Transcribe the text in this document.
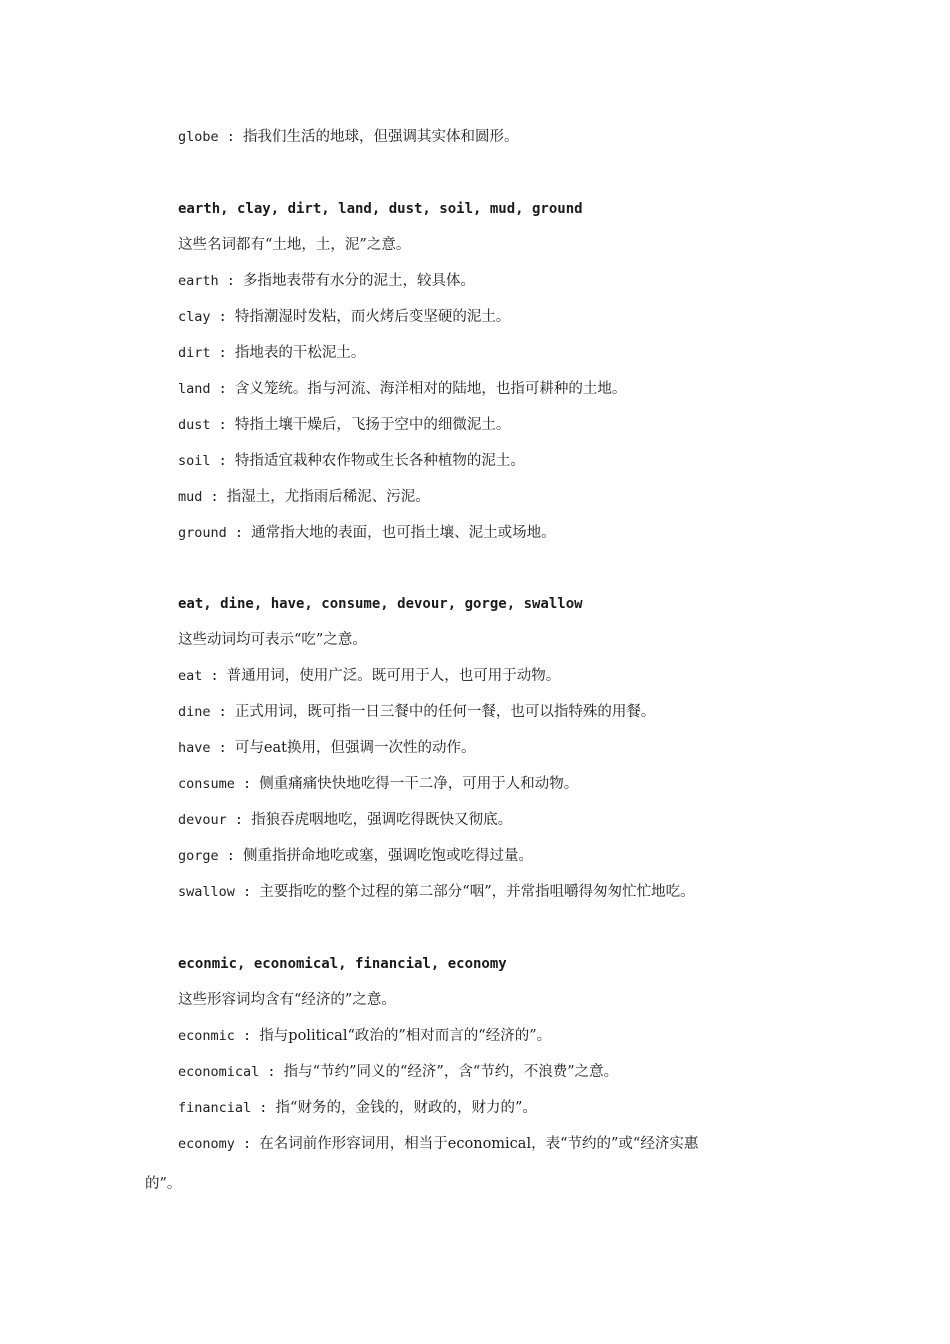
globe : 指我们生活的地球，但强调其实体和圆形。
earth, clay, dirt, land, dust, soil, mud, ground
这些名词都有“土地，土，泥”之意。
earth : 多指地表带有水分的泥土，较具体。
clay : 特指潮湿时发粘，而火烤后变坚硬的泥土。
dirt : 指地表的干松泥土。
land : 含义笼统。指与河流、海洋相对的陆地，也指可耕种的土地。
dust : 特指土壤干燥后，飞扬于空中的细微泥土。
soil : 特指适宜栽种农作物或生长各种植物的泥土。
mud : 指湿土，尤指雨后稀泥、污泥。
ground : 通常指大地的表面，也可指土壤、泥土或场地。
eat, dine, have, consume, devour, gorge, swallow
这些动词均可表示“吃”之意。
eat : 普通用词，使用广泛。既可用于人，也可用于动物。
dine : 正式用词，既可指一日三餐中的任何一餐，也可以指特殊的用餐。
have : 可与eat换用，但强调一次性的动作。
consume : 侧重痛痛快快地吃得一干二净，可用于人和动物。
devour : 指狼吞虎咽地吃，强调吃得既快又彻底。
gorge : 侧重指拼命地吃或塞，强调吃饱或吃得过量。
swallow : 主要指吃的整个过程的第二部分“咽”，并常指咀嚼得匆匆忙忙地吃。
econmic, economical, financial, economy
这些形容词均含有“经济的”之意。
econmic : 指与political“政治的”相对而言的“经济的”。
economical : 指与“节约”同义的“经济”，含“节约，不浪费”之意。
financial : 指“财务的，金钱的，财政的，财力的”。
economy : 在名词前作形容词用，相当于economical，表“节约的”或“经济实惠
的”。
